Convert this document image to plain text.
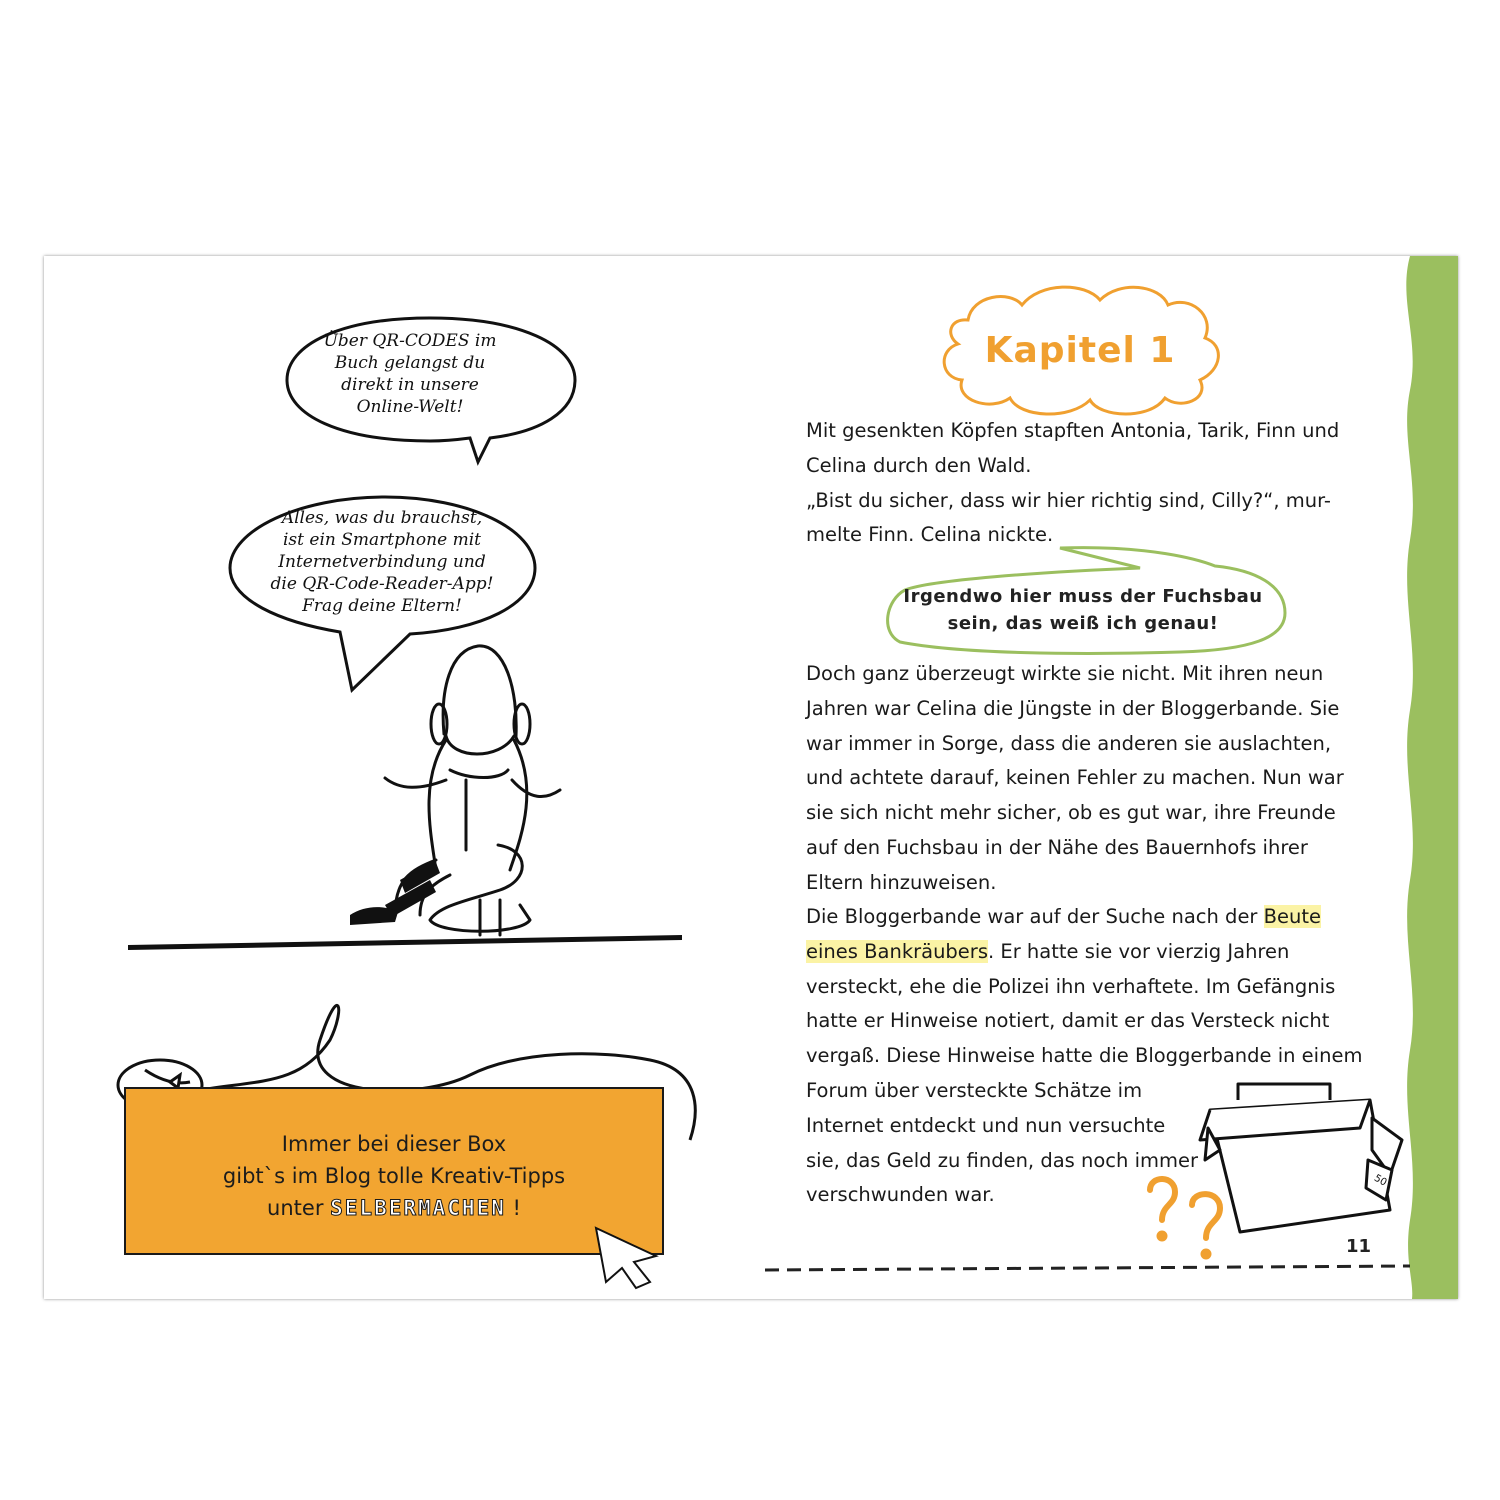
Über QR-CODES im
Buch gelangst du
direkt in unsere
Online-Welt!
Alles, was du brauchst,
ist ein Smartphone mit
Internetverbindung und
die QR-Code-Reader-App!
Frag deine Eltern!
Immer bei dieser Box
gibt`s im Blog tolle Kreativ-Tipps
unter SELBERMACHEN !
Kapitel 1
Mit gesenkten Köpfen stapften Antonia, Tarik, Finn und
Celina durch den Wald.
„Bist du sicher, dass wir hier richtig sind, Cilly?“, mur-
melte Finn. Celina nickte.
Irgendwo hier muss der Fuchsbau
sein, das weiß ich genau!
Doch ganz überzeugt wirkte sie nicht. Mit ihren neun
Jahren war Celina die Jüngste in der Bloggerbande. Sie
war immer in Sorge, dass die anderen sie auslachten,
und achtete darauf, keinen Fehler zu machen. Nun war
sie sich nicht mehr sicher, ob es gut war, ihre Freunde
auf den Fuchsbau in der Nähe des Bauernhofs ihrer
Eltern hinzuweisen.
Die Bloggerbande war auf der Suche nach der Beute
eines Bankräubers. Er hatte sie vor vierzig Jahren
versteckt, ehe die Polizei ihn verhaftete. Im Gefängnis
hatte er Hinweise notiert, damit er das Versteck nicht
vergaß. Diese Hinweise hatte die Bloggerbande in einem
Forum über versteckte Schätze im
Internet entdeckt und nun versuchte
sie, das Geld zu finden, das noch immer
verschwunden war.
50
11
